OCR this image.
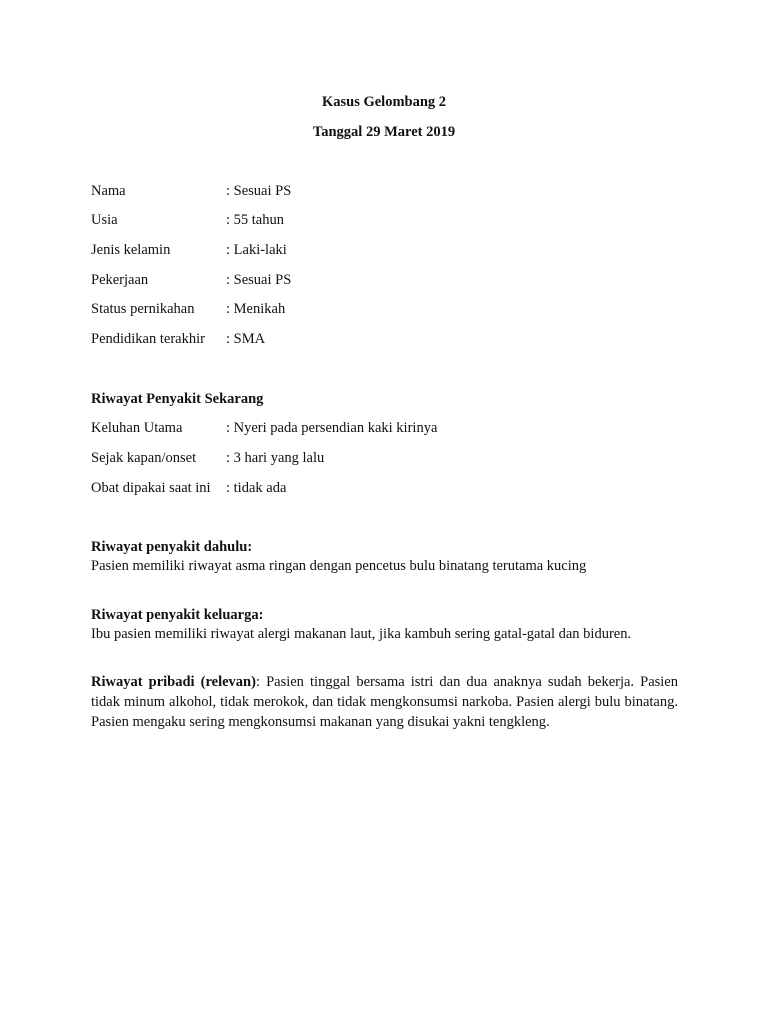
Kasus Gelombang 2
Tanggal 29 Maret 2019
Nama	: Sesuai PS
Usia	: 55 tahun
Jenis kelamin	: Laki-laki
Pekerjaan	: Sesuai PS
Status pernikahan : Menikah
Pendidikan terakhir : SMA
Riwayat Penyakit Sekarang
Keluhan Utama	: Nyeri pada persendian kaki kirinya
Sejak kapan/onset : 3 hari yang lalu
Obat dipakai saat ini : tidak ada
Riwayat penyakit dahulu:
Pasien memiliki riwayat asma ringan dengan pencetus bulu binatang terutama kucing
Riwayat penyakit keluarga:
Ibu pasien memiliki riwayat alergi makanan laut, jika kambuh sering gatal-gatal dan biduren.
Riwayat pribadi (relevan): Pasien tinggal bersama istri dan dua anaknya sudah bekerja. Pasien tidak minum alkohol, tidak merokok, dan tidak mengkonsumsi narkoba. Pasien alergi bulu binatang. Pasien mengaku sering mengkonsumsi makanan yang disukai yakni tengkleng.
